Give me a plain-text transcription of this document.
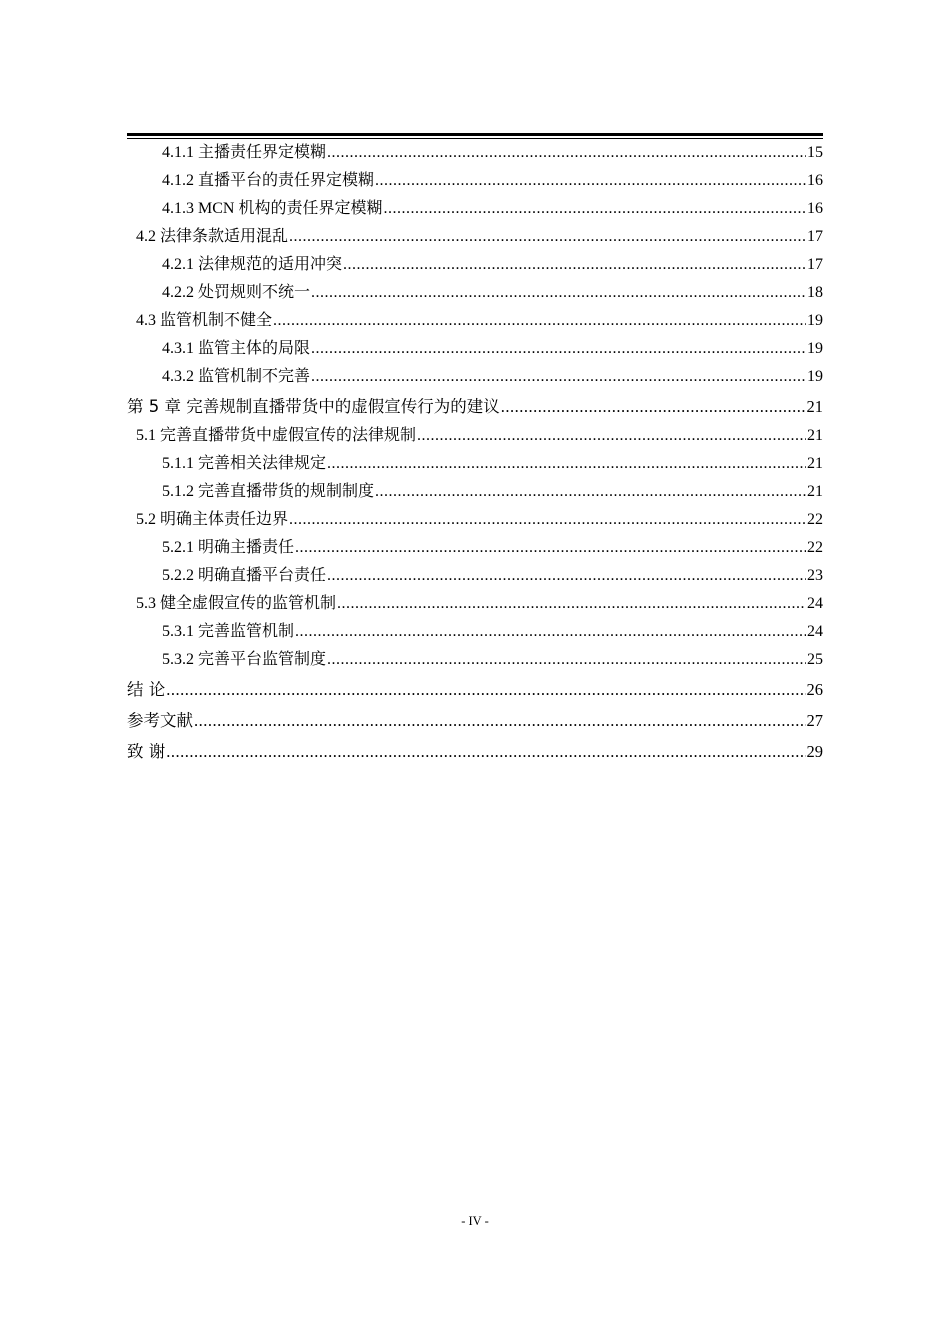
4.1.1 主播责任界定模糊 .....	15
4.1.2 直播平台的责任界定模糊 .....	16
4.1.3 MCN 机构的责任界定模糊 .....	16
4.2 法律条款适用混乱 .....	17
4.2.1 法律规范的适用冲突 .....	17
4.2.2 处罚规则不统一 .....	18
4.3 监管机制不健全 .....	19
4.3.1 监管主体的局限 .....	19
4.3.2 监管机制不完善 .....	19
第 5 章 完善规制直播带货中的虚假宣传行为的建议 .....	21
5.1 完善直播带货中虚假宣传的法律规制 .....	21
5.1.1 完善相关法律规定 .....	21
5.1.2 完善直播带货的规制制度 .....	21
5.2 明确主体责任边界 .....	22
5.2.1 明确主播责任 .....	22
5.2.2 明确直播平台责任 .....	23
5.3 健全虚假宣传的监管机制 .....	24
5.3.1 完善监管机制 .....	24
5.3.2 完善平台监管制度 .....	25
结 论 .....	26
参考文献 .....	27
致 谢 .....	29
- IV -
